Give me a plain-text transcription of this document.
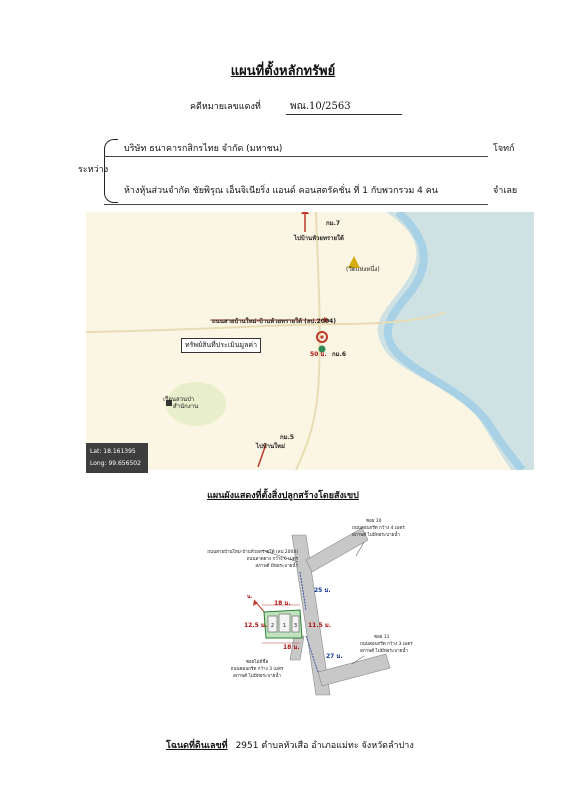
แผนที่ตั้งหลักทรัพย์
คดีหมายเลขแดงที่	พณ.10/2563
ระหว่าง
บริษัท ธนาคารกสิกรไทย จำกัด (มหาชน)	โจทก์
ห้างหุ้นส่วนจำกัด ชัยพิรุณ เอ็นจิเนียริ่ง แอนด์ คอนสตรัคชั่น ที่ 1 กับพวกรวม 4 คน	จำเลย
กม.7
ไปบ้านหัวยทรายใต้
(วัดแห่งหนึ่ง)
ถนนสายบ้านใหม่-บ้านห้วยทรายใต้ (ลป.2004)
ทรัพย์สินที่ประเมินมูลค่า
50 ม. กม.6
เรือนสวนป่า
สำนักงาน
กม.5
ไปบ้านใหม่
Lat: 18.161395
Long: 99.656502
แผนผังแสดงที่ตั้งสิ่งปลูกสร้างโดยสังเขป
2 1 3
ซอย 10
ถนนคอนกรีต กว้าง 4 เมตร
สภาพดี ไม่มีท่อระบายน้ำ
ถนนสายบ้านใหม่-บ้านห้วยทรายใต้ (ลป.2004)
ถนนลาดยาง กว้าง 6 เมตร
สภาพดี มีท่อระบายน้ำ
25 ม.
น.
18 ม.
12.5 ม.	11.5 ม.
18 ม.
27 ม.
ซอย 11
ถนนคอนกรีต กว้าง 3 เมตร
สภาพดี ไม่มีท่อระบายน้ำ
ซอยไม่มีชื่อ
ถนนคอนกรีต กว้าง 3 เมตร
สภาพดี ไม่มีท่อระบายน้ำ
โฉนดที่ดินเลขที่ 2951 ตำบลหัวเสือ อำเภอแม่ทะ จังหวัดลำปาง
